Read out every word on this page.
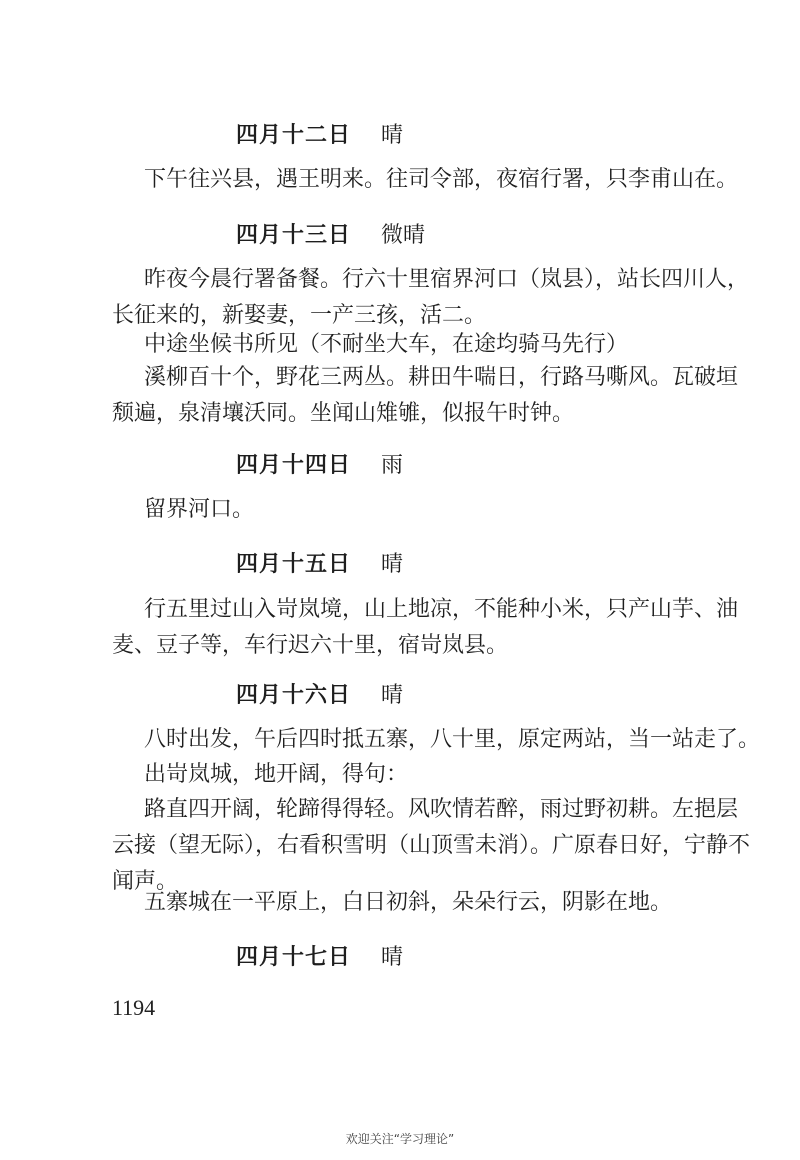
四月十二日 晴
下午往兴县，遇王明来。往司令部，夜宿行署，只李甫山在。
四月十三日 微晴
昨夜今晨行署备餐。行六十里宿界河口（岚县），站长四川人，
长征来的，新娶妻，一产三孩，活二。
中途坐候书所见（不耐坐大车，在途均骑马先行）
溪柳百十个，野花三两丛。耕田牛喘日，行路马嘶风。瓦破垣
颓遍，泉清壤沃同。坐闻山雉雊，似报午时钟。
四月十四日 雨
留界河口。
四月十五日 晴
行五里过山入岢岚境，山上地凉，不能种小米，只产山芋、油
麦、豆子等，车行迟六十里，宿岢岚县。
四月十六日 晴
八时出发，午后四时抵五寨，八十里，原定两站，当一站走了。
出岢岚城，地开阔，得句：
路直四开阔，轮蹄得得轻。风吹情若醉，雨过野初耕。左挹层
云接（望无际），右看积雪明（山顶雪未消）。广原春日好，宁静不
闻声。
五寨城在一平原上，白日初斜，朵朵行云，阴影在地。
四月十七日 晴
1194
欢迎关注“学习理论”
